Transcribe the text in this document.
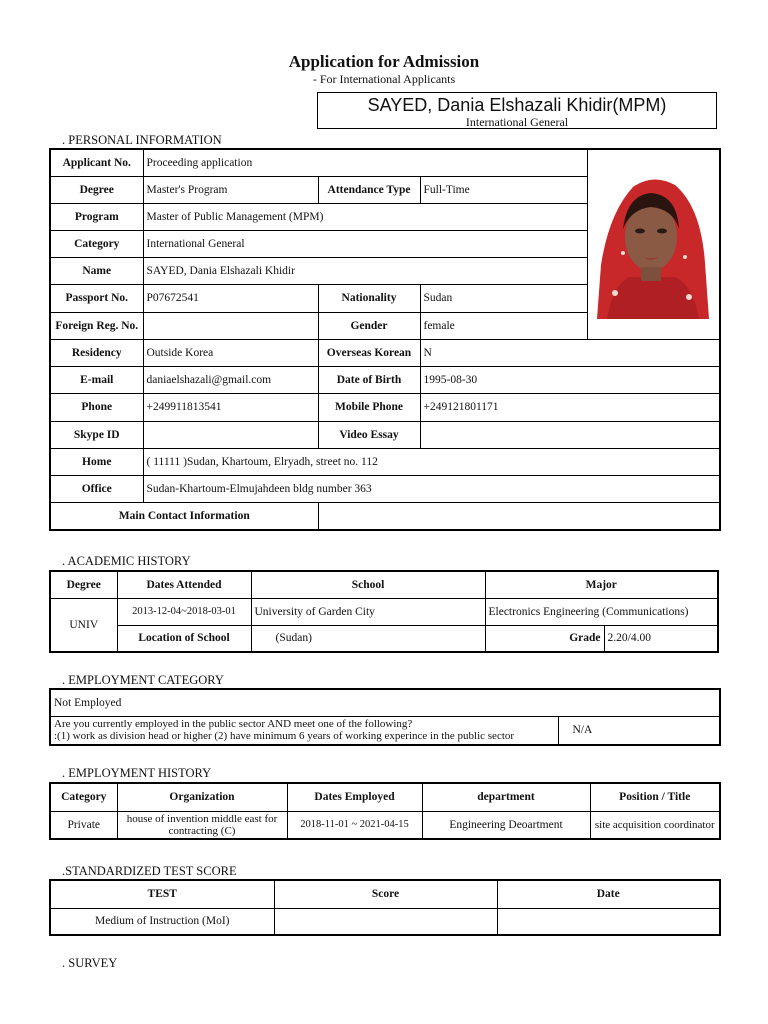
Application for Admission
- For International Applicants
SAYED, Dania Elshazali Khidir(MPM)
International General
. PERSONAL INFORMATION
Applicant No.	Proceeding application			
Degree	Master's Program	Attendance Type	Full-Time	
Program	Master of Public Management (MPM)			
Category	International General			
Name	SAYED, Dania Elshazali Khidir			
Passport No.	P07672541	Nationality	Sudan	
Foreign Reg. No.		Gender	female	
Residency	Outside Korea	Overseas Korean	N	
E-mail	daniaelshazali@gmail.com	Date of Birth	1995-08-30	
Phone	+249911813541	Mobile Phone	+249121801171	
Skype ID		Video Essay		
Home	( 11111 )Sudan, Khartoum, Elryadh, street no. 112			
Office	Sudan-Khartoum-Elmujahdeen bldg number 363			
Main Contact Information				
. ACADEMIC HISTORY
Degree	Dates Attended	School	Major	
UNIV	2013-12-04~2018-03-01	University of Garden City	Electronics Engineering (Communications)	
	Location of School	(Sudan)	Grade	2.20/4.00
. EMPLOYMENT CATEGORY
Not Employed

Are you currently employed in the public sector AND meet one of the following?
:(1) work as division head or higher (2) have minimum 6 years of working experince in the public sector	N/A
. EMPLOYMENT HISTORY
Category	Organization	Dates Employed	department	Position / Title
Private	house of invention middle east for contracting (C)	2018-11-01 ~ 2021-04-15	Engineering Deoartment	site acquisition coordinator
.STANDARDIZED TEST SCORE
TEST	Score	Date
Medium of Instruction (MoI)		
. SURVEY
